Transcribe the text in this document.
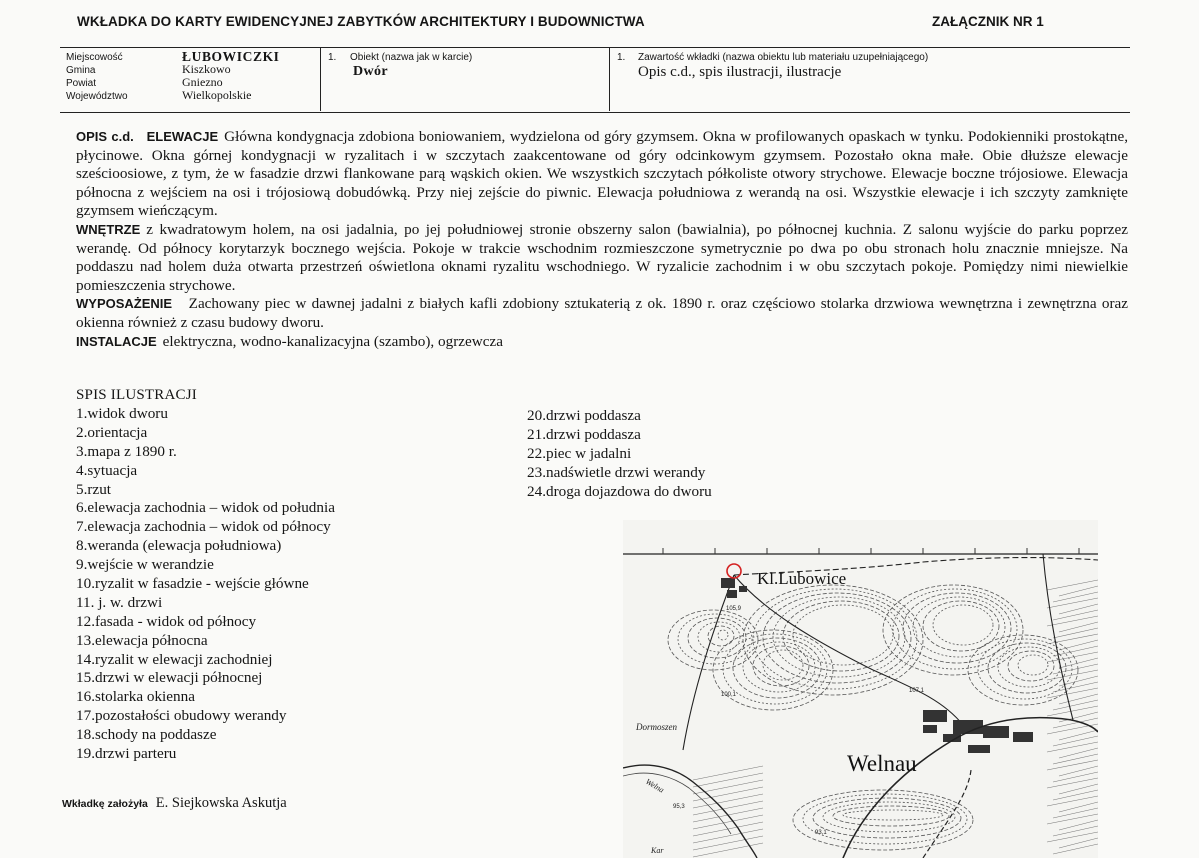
WKŁADKA DO KARTY EWIDENCYJNEJ ZABYTKÓW ARCHITEKTURY I BUDOWNICTWA	ZAŁĄCZNIK NR 1
Miejscowość
Gmina
Powiat
Województwo
ŁUBOWICZKI
Kiszkowo
Gniezno
Wielkopolskie
1. Obiekt (nazwa jak w karcie)
Dwór
1. Zawartość wkładki (nazwa obiektu lub materiału uzupełniającego)
Opis c.d., spis ilustracji, ilustracje

OPIS c.d.   ELEWACJE Główna kondygnacja zdobiona boniowaniem, wydzielona od góry gzymsem. Okna w profilowanych opaskach w tynku. Podokienniki prostokątne, płycinowe. Okna górnej kondygnacji w ryzalitach i w szczytach zaakcentowane od góry odcinkowym gzymsem. Pozostało okna małe. Obie dłuższe elewacje sześcioosiowe, z tym, że w fasadzie drzwi flankowane parą wąskich okien. We wszystkich szczytach półkoliste otwory strychowe. Elewacje boczne trójosiowe. Elewacja północna z wejściem na osi i trójosiową dobudówką. Przy niej zejście do piwnic. Elewacja południowa z werandą na osi. Wszystkie elewacje i ich szczyty zamknięte gzymsem wieńczącym.

WNĘTRZE z kwadratowym holem, na osi jadalnia, po jej południowej stronie obszerny salon (bawialnia), po północnej kuchnia. Z salonu wyjście do parku poprzez werandę. Od północy korytarzyk bocznego wejścia. Pokoje w trakcie wschodnim rozmieszczone symetrycznie po dwa po obu stronach holu znacznie mniejsze. Na poddaszu nad holem duża otwarta przestrzeń oświetlona oknami ryzalitu wschodniego. W ryzalicie zachodnim i w obu szczytach pokoje. Pomiędzy nimi niewielkie pomieszczenia strychowe.

WYPOSAŻENIE  Zachowany piec w dawnej jadalni z białych kafli zdobiony sztukaterią z ok. 1890 r. oraz częściowo stolarka drzwiowa wewnętrzna i zewnętrzna oraz okienna również z czasu budowy dworu.

INSTALACJE elektryczna, wodno-kanalizacyjna (szambo), ogrzewcza

SPIS ILUSTRACJI
1.widok dworu
2.orientacja
3.mapa z 1890 r.
4.sytuacja
5.rzut
6.elewacja zachodnia – widok od południa
7.elewacja zachodnia – widok od północy
8.weranda (elewacja południowa)
9.wejście w werandzie
10.ryzalit w fasadzie - wejście główne
11. j. w. drzwi
12.fasada - widok od północy
13.elewacja północna
14.ryzalit w elewacji zachodniej
15.drzwi w elewacji północnej
16.stolarka okienna
17.pozostałości obudowy werandy
18.schody na poddasze
19.drzwi parteru
20.drzwi poddasza
21.drzwi poddasza
22.piec w jadalni
23.nadświetle drzwi werandy
24.droga dojazdowa do dworu
Wkładkę założyła E. Siejkowska Askutja
Kl.Lubowice
Welnau
Dormoszen
Welna
Kar
105,9
100,1
107,1
95,3
93,1
